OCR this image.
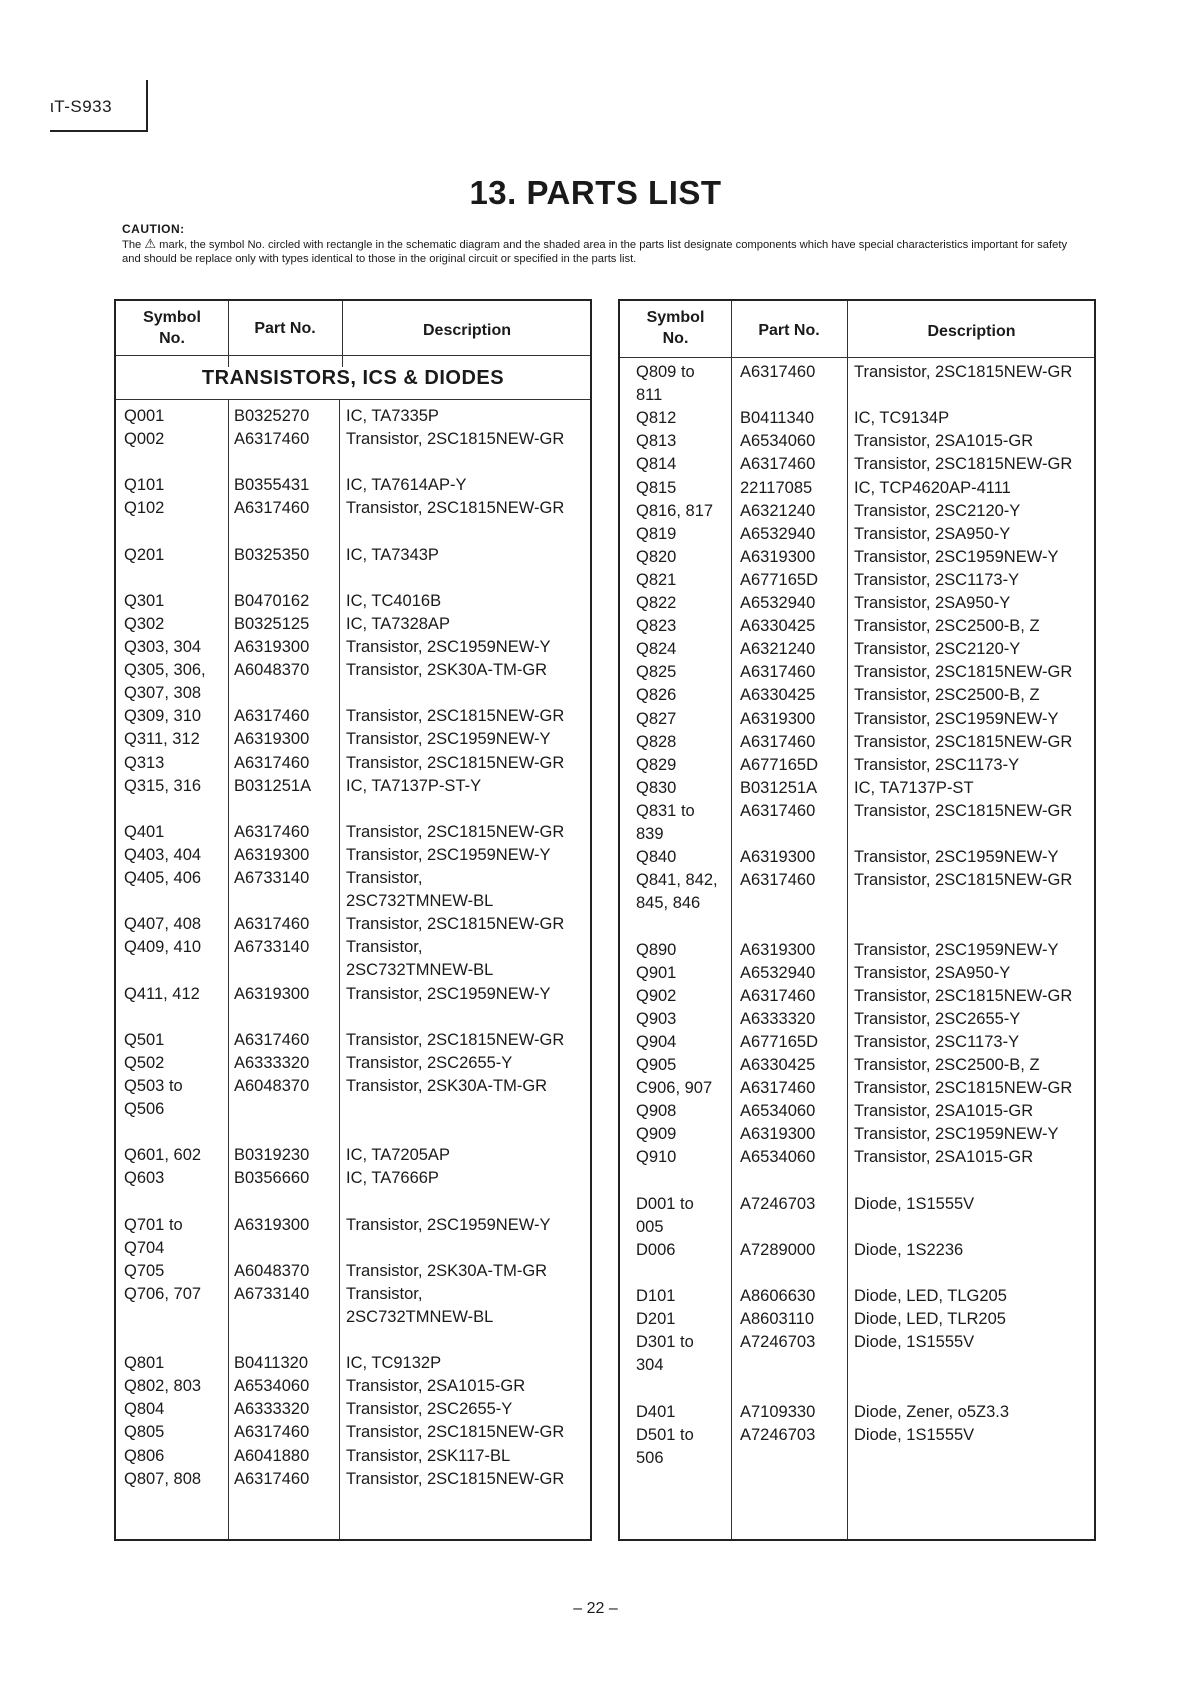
ιT-S933
13. PARTS LIST
CAUTION:
The ⚠ mark, the symbol No. circled with rectangle in the schematic diagram and the shaded area in the parts list designate components which have special characteristics important for safety and should be replace only with types identical to those in the original circuit or specified in the parts list.
Symbol
No.
Part No.	Description
TRANSISTORS, ICS & DIODES
Q001	B0325270 IC, TA7335P
Q002	A6317460 Transistor, 2SC1815NEW-GR
Q101	B0355431 IC, TA7614AP-Y
Q102	A6317460 Transistor, 2SC1815NEW-GR
Q201	B0325350 IC, TA7343P
Q301	B0470162 IC, TC4016B
Q302	B0325125 IC, TA7328AP
Q303, 304 A6319300 Transistor, 2SC1959NEW-Y
Q305, 306, A6048370 Transistor, 2SK30A-TM-GR
Q307, 308
Q309, 310 A6317460 Transistor, 2SC1815NEW-GR
Q311, 312 A6319300 Transistor, 2SC1959NEW-Y
Q313	A6317460 Transistor, 2SC1815NEW-GR
Q315, 316 B031251A IC, TA7137P-ST-Y
Q401	A6317460 Transistor, 2SC1815NEW-GR
Q403, 404 A6319300 Transistor, 2SC1959NEW-Y
Q405, 406 A6733140 Transistor,
2SC732TMNEW-BL
Q407, 408 A6317460 Transistor, 2SC1815NEW-GR
Q409, 410 A6733140 Transistor,
2SC732TMNEW-BL
Q411, 412 A6319300 Transistor, 2SC1959NEW-Y
Q501	A6317460 Transistor, 2SC1815NEW-GR
Q502	A6333320 Transistor, 2SC2655-Y
Q503 to	A6048370 Transistor, 2SK30A-TM-GR
Q506
Q601, 602 B0319230 IC, TA7205AP
Q603	B0356660 IC, TA7666P
Q701 to	A6319300 Transistor, 2SC1959NEW-Y
Q704
Q705	A6048370 Transistor, 2SK30A-TM-GR
Q706, 707 A6733140 Transistor,
2SC732TMNEW-BL
Q801	B0411320 IC, TC9132P
Q802, 803 A6534060 Transistor, 2SA1015-GR
Q804	A6333320 Transistor, 2SC2655-Y
Q805	A6317460 Transistor, 2SC1815NEW-GR
Q806	A6041880 Transistor, 2SK117-BL
Q807, 808 A6317460 Transistor, 2SC1815NEW-GR
Symbol
No.	Part No.	Description
Q809 to	A6317460 Transistor, 2SC1815NEW-GR
811
Q812	B0411340 IC, TC9134P
Q813	A6534060 Transistor, 2SA1015-GR
Q814	A6317460 Transistor, 2SC1815NEW-GR
Q815	22117085	IC, TCP4620AP-4111
Q816, 817 A6321240 Transistor, 2SC2120-Y
Q819	A6532940 Transistor, 2SA950-Y
Q820	A6319300 Transistor, 2SC1959NEW-Y
Q821	A677165D Transistor, 2SC1173-Y
Q822	A6532940 Transistor, 2SA950-Y
Q823	A6330425 Transistor, 2SC2500-B, Z
Q824	A6321240 Transistor, 2SC2120-Y
Q825	A6317460 Transistor, 2SC1815NEW-GR
Q826	A6330425 Transistor, 2SC2500-B, Z
Q827	A6319300 Transistor, 2SC1959NEW-Y
Q828	A6317460 Transistor, 2SC1815NEW-GR
Q829	A677165D Transistor, 2SC1173-Y
Q830	B031251A IC, TA7137P-ST
Q831 to	A6317460 Transistor, 2SC1815NEW-GR
839
Q840	A6319300 Transistor, 2SC1959NEW-Y
Q841, 842, A6317460 Transistor, 2SC1815NEW-GR
845, 846
Q890	A6319300 Transistor, 2SC1959NEW-Y
Q901	A6532940 Transistor, 2SA950-Y
Q902	A6317460 Transistor, 2SC1815NEW-GR
Q903	A6333320 Transistor, 2SC2655-Y
Q904	A677165D Transistor, 2SC1173-Y
Q905	A6330425 Transistor, 2SC2500-B, Z
C906, 907 A6317460 Transistor, 2SC1815NEW-GR
Q908	A6534060 Transistor, 2SA1015-GR
Q909	A6319300 Transistor, 2SC1959NEW-Y
Q910	A6534060 Transistor, 2SA1015-GR
D001 to	A7246703 Diode, 1S1555V
005
D006	A7289000 Diode, 1S2236
D101	A8606630 Diode, LED, TLG205
D201	A8603110 Diode, LED, TLR205
D301 to	A7246703 Diode, 1S1555V
304
D401	A7109330 Diode, Zener, o5Z3.3
D501 to	A7246703 Diode, 1S1555V
506
– 22 –
